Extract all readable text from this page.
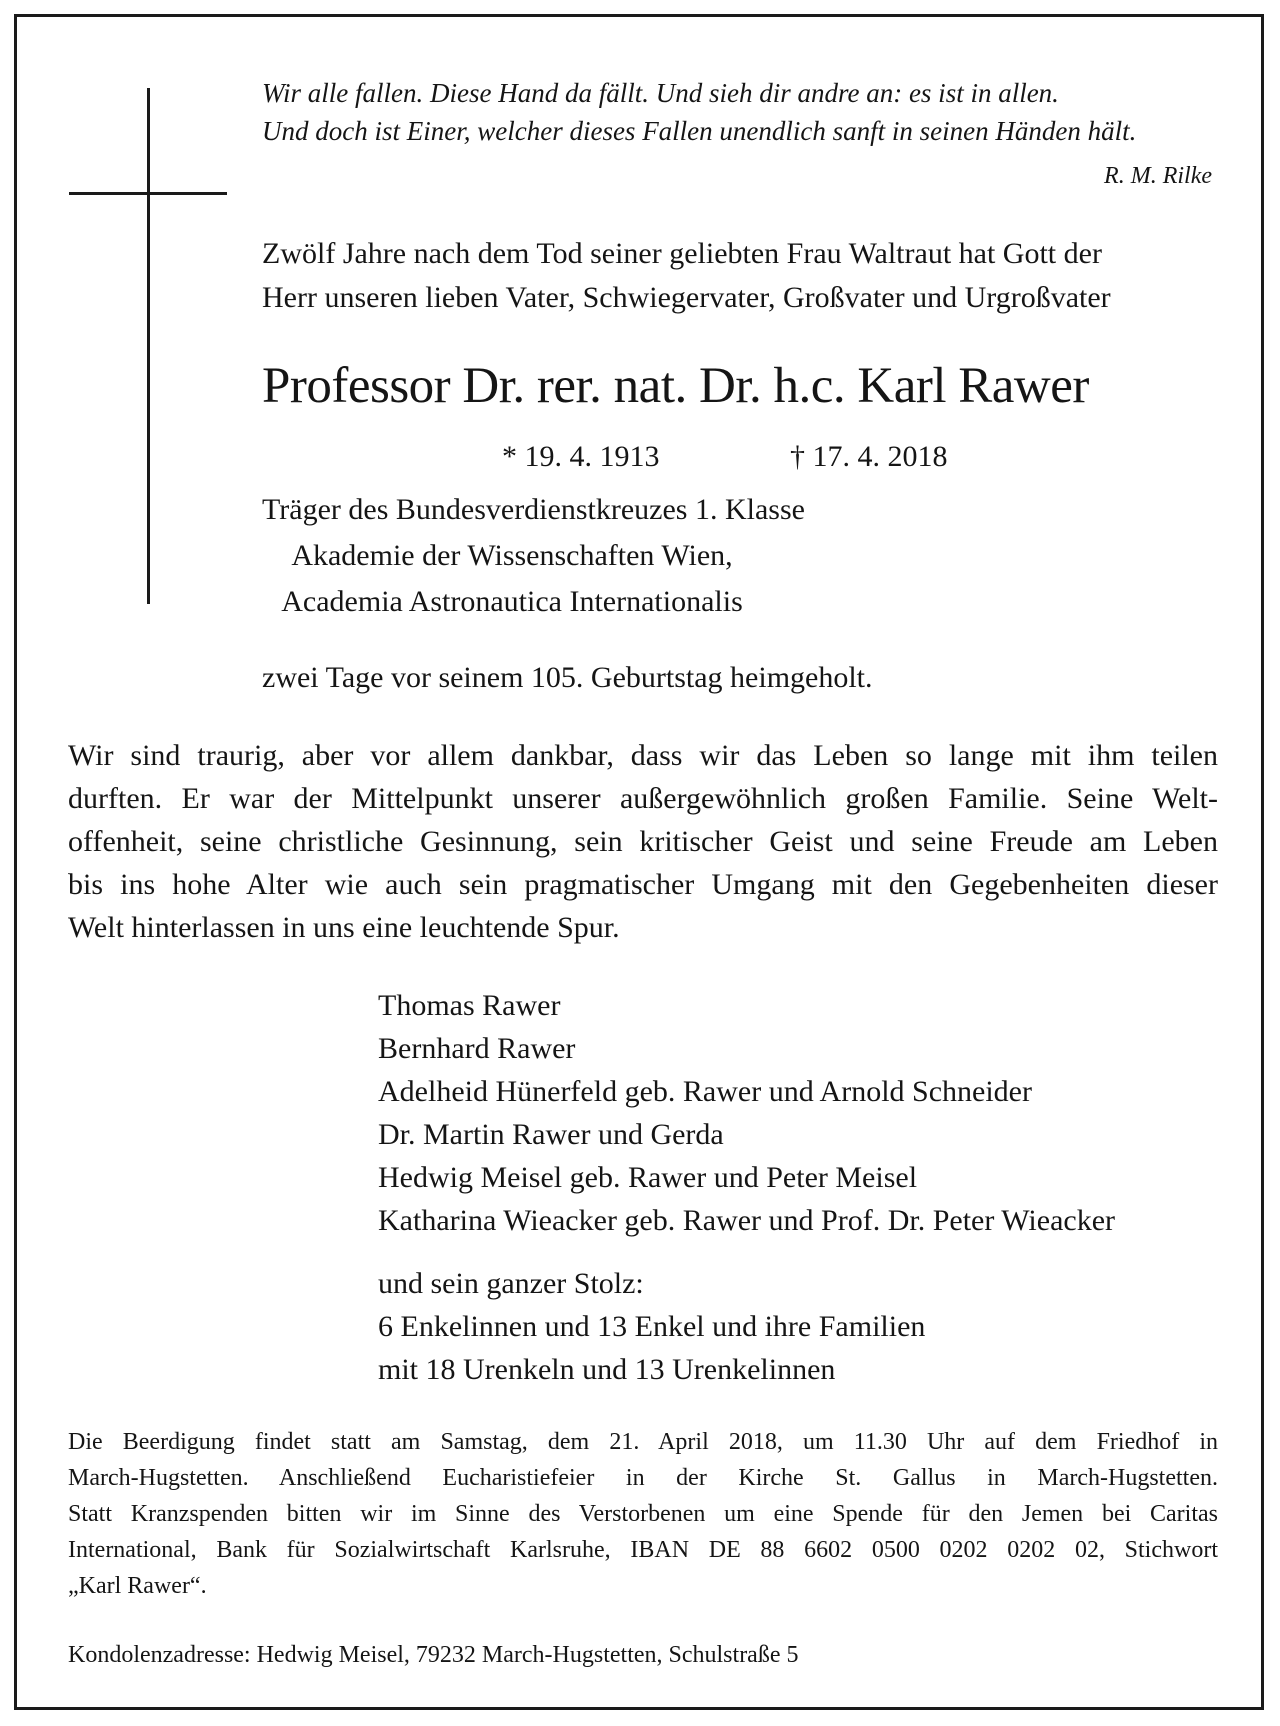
Wir alle fallen. Diese Hand da fällt. Und sieh dir andre an: es ist in allen.
Und doch ist Einer, welcher dieses Fallen unendlich sanft in seinen Händen hält.
R. M. Rilke
Zwölf Jahre nach dem Tod seiner geliebten Frau Waltraut hat Gott der
Herr unseren lieben Vater, Schwiegervater, Großvater und Urgroßvater
Professor Dr. rer. nat. Dr. h.c. Karl Rawer
* 19. 4. 1913	† 17. 4. 2018
Träger des Bundesverdienstkreuzes 1. Klasse
Akademie der Wissenschaften Wien,
Academia Astronautica Internationalis
zwei Tage vor seinem 105. Geburtstag heimgeholt.
Wir sind traurig, aber vor allem dankbar, dass wir das Leben so lange mit ihm teilen
durften. Er war der Mittelpunkt unserer außergewöhnlich großen Familie. Seine Welt-
offenheit, seine christliche Gesinnung, sein kritischer Geist und seine Freude am Leben
bis ins hohe Alter wie auch sein pragmatischer Umgang mit den Gegebenheiten dieser
Welt hinterlassen in uns eine leuchtende Spur.
Thomas Rawer
Bernhard Rawer
Adelheid Hünerfeld geb. Rawer und Arnold Schneider
Dr. Martin Rawer und Gerda
Hedwig Meisel geb. Rawer und Peter Meisel
Katharina Wieacker geb. Rawer und Prof. Dr. Peter Wieacker
und sein ganzer Stolz:
6 Enkelinnen und 13 Enkel und ihre Familien
mit 18 Urenkeln und 13 Urenkelinnen
Die Beerdigung findet statt am Samstag, dem 21. April 2018, um 11.30 Uhr auf dem Friedhof in
March-Hugstetten. Anschließend Eucharistiefeier in der Kirche St. Gallus in March-Hugstetten.
Statt Kranzspenden bitten wir im Sinne des Verstorbenen um eine Spende für den Jemen bei Caritas
International, Bank für Sozialwirtschaft Karlsruhe, IBAN DE 88 6602 0500 0202 0202 02, Stichwort
„Karl Rawer“.
Kondolenzadresse: Hedwig Meisel, 79232 March-Hugstetten, Schulstraße 5
